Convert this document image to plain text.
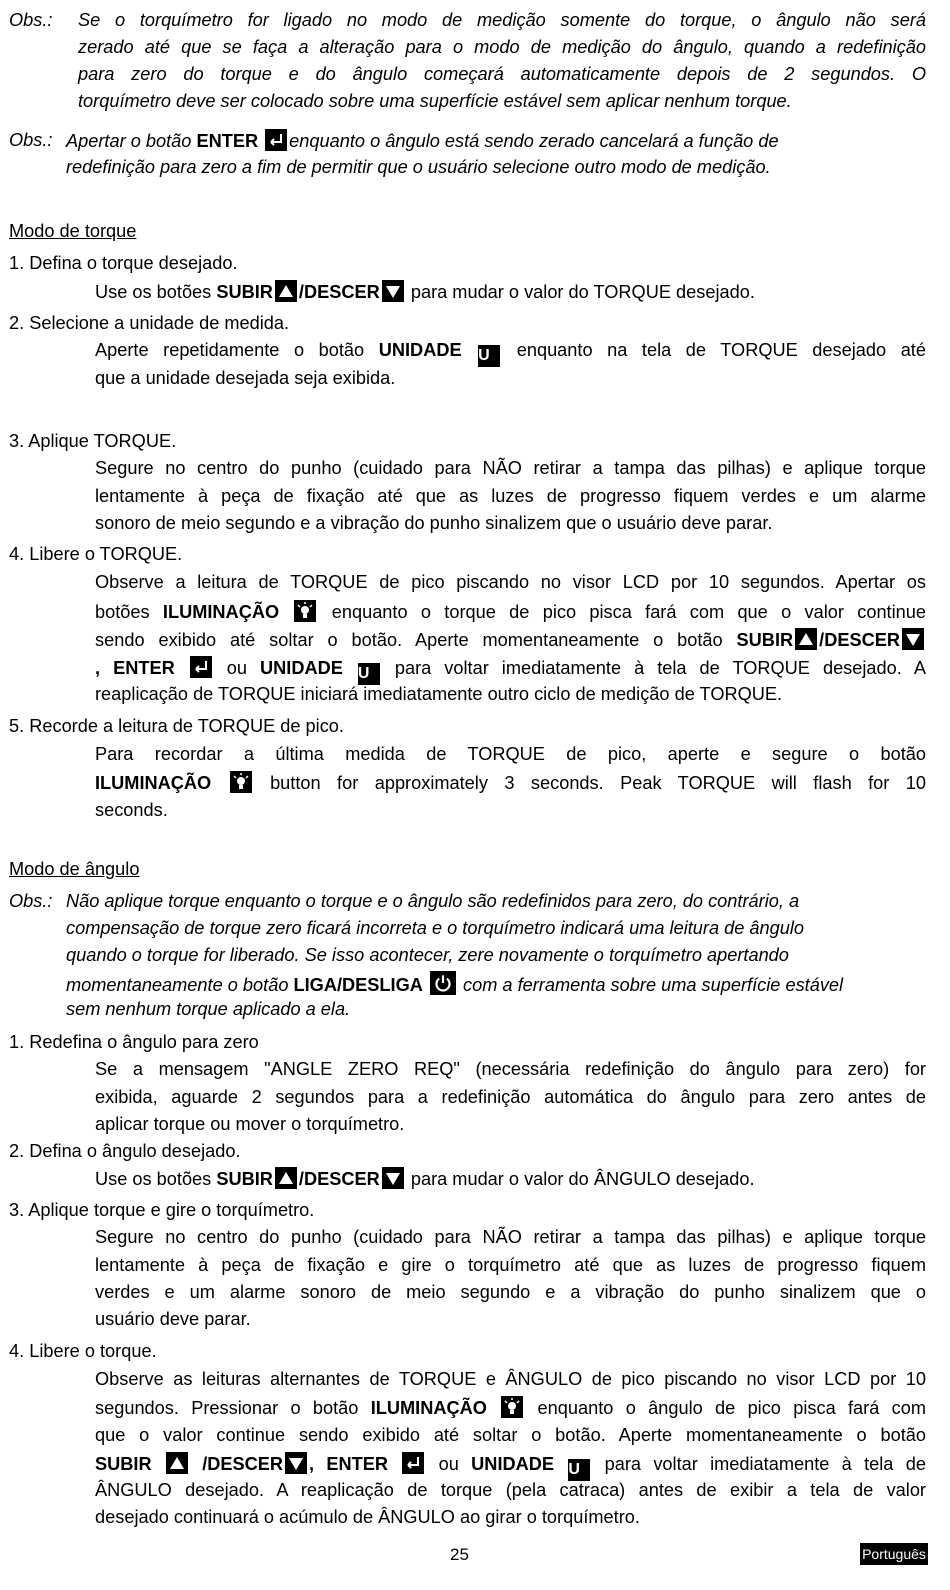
Obs.: Se o torquímetro for ligado no modo de medição somente do torque, o ângulo não será
zerado até que se faça a alteração para o modo de medição do ângulo, quando a redefinição
para zero do torque e do ângulo começará automaticamente depois de 2 segundos. O
torquímetro deve ser colocado sobre uma superfície estável sem aplicar nenhum torque.
Obs.: Apertar o botão ENTER enquanto o ângulo está sendo zerado cancelará a função de
redefinição para zero a fim de permitir que o usuário selecione outro modo de medição.
Modo de torque
1. Defina o torque desejado.
Use os botões SUBIR /DESCER para mudar o valor do TORQUE desejado.
2. Selecione a unidade de medida.
Aperte repetidamente o botão UNIDADE U enquanto na tela de TORQUE desejado até
que a unidade desejada seja exibida.
3. Aplique TORQUE.
Segure no centro do punho (cuidado para NÃO retirar a tampa das pilhas) e aplique torque
lentamente à peça de fixação até que as luzes de progresso fiquem verdes e um alarme
sonoro de meio segundo e a vibração do punho sinalizem que o usuário deve parar.
4. Libere o TORQUE.
Observe a leitura de TORQUE de pico piscando no visor LCD por 10 segundos. Apertar os
botões ILUMINAÇÃO	enquanto o torque de pico pisca fará com que o valor continue
sendo exibido até soltar o botão. Aperte momentaneamente o botão SUBIR /DESCER
, ENTER	ou UNIDADE U para voltar imediatamente à tela de TORQUE desejado. A
reaplicação de TORQUE iniciará imediatamente outro ciclo de medição de TORQUE.
5. Recorde a leitura de TORQUE de pico.
Para recordar a última medida de TORQUE de pico, aperte e segure o botão
ILUMINAÇÃO	button for approximately 3 seconds. Peak TORQUE will flash for 10
seconds.
Modo de ângulo
Obs.: Não aplique torque enquanto o torque e o ângulo são redefinidos para zero, do contrário, a
compensação de torque zero ficará incorreta e o torquímetro indicará uma leitura de ângulo
quando o torque for liberado. Se isso acontecer, zere novamente o torquímetro apertando
momentaneamente o botão LIGA/DESLIGA com a ferramenta sobre uma superfície estável
sem nenhum torque aplicado a ela.
1. Redefina o ângulo para zero
Se a mensagem "ANGLE ZERO REQ" (necessária redefinição do ângulo para zero) for
exibida, aguarde 2 segundos para a redefinição automática do ângulo para zero antes de
aplicar torque ou mover o torquímetro.
2. Defina o ângulo desejado.
Use os botões SUBIR /DESCER para mudar o valor do ÂNGULO desejado.
3. Aplique torque e gire o torquímetro.
Segure no centro do punho (cuidado para NÃO retirar a tampa das pilhas) e aplique torque
lentamente à peça de fixação e gire o torquímetro até que as luzes de progresso fiquem
verdes e um alarme sonoro de meio segundo e a vibração do punho sinalizem que o
usuário deve parar.
4. Libere o torque.
Observe as leituras alternantes de TORQUE e ÂNGULO de pico piscando no visor LCD por 10
segundos. Pressionar o botão ILUMINAÇÃO	enquanto o ângulo de pico pisca fará com
que o valor continue sendo exibido até soltar o botão. Aperte momentaneamente o botão
SUBIR	/DESCER , ENTER	ou UNIDADE U para voltar imediatamente à tela de
ÂNGULO desejado. A reaplicação de torque (pela catraca) antes de exibir a tela de valor
desejado continuará o acúmulo de ÂNGULO ao girar o torquímetro.
25	Português
